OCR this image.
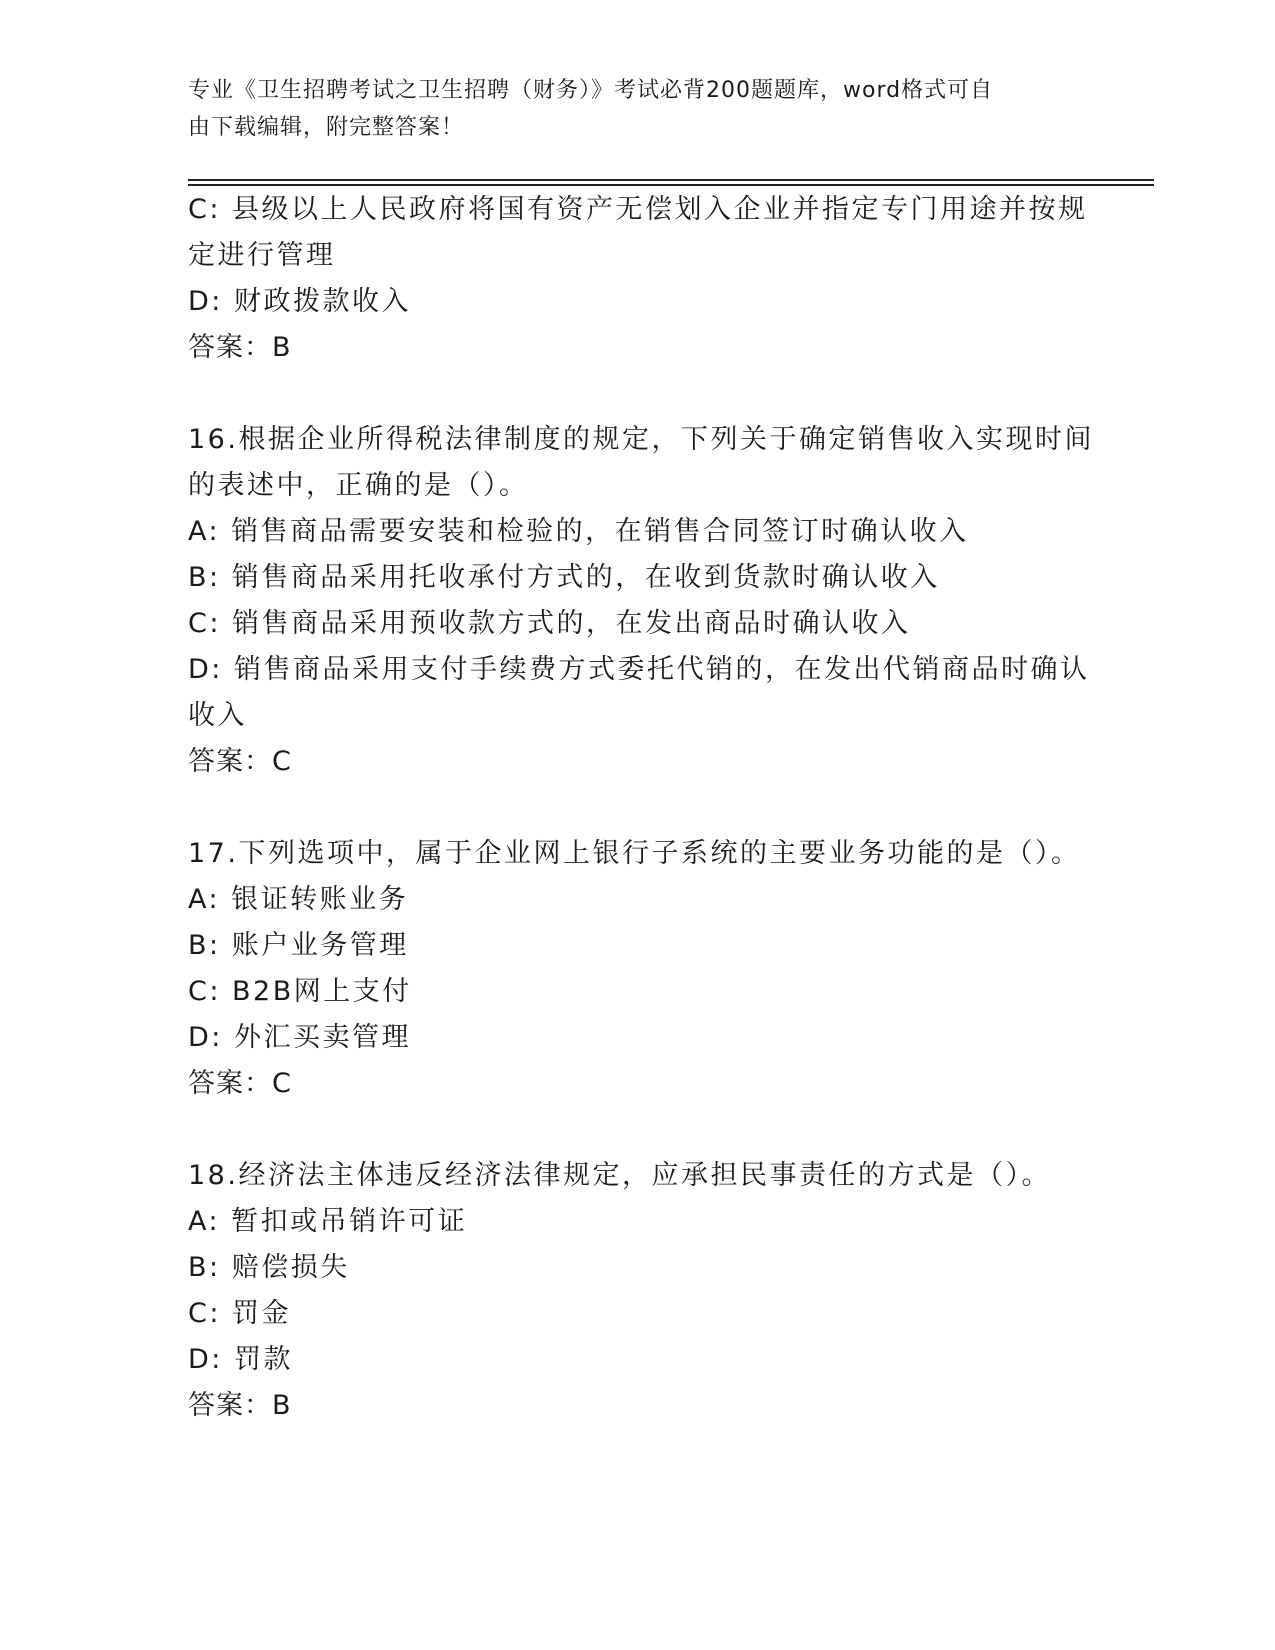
专业《卫生招聘考试之卫生招聘（财务）》考试必背200题题库，word格式可自
由下载编辑，附完整答案！
C: 县级以上人民政府将国有资产无偿划入企业并指定专门用途并按规
定进行管理
D: 财政拨款收入
答案：B
16.根据企业所得税法律制度的规定，下列关于确定销售收入实现时间
的表述中，正确的是（）。
A: 销售商品需要安装和检验的，在销售合同签订时确认收入
B: 销售商品采用托收承付方式的，在收到货款时确认收入
C: 销售商品采用预收款方式的，在发出商品时确认收入
D: 销售商品采用支付手续费方式委托代销的，在发出代销商品时确认
收入
答案：C
17.下列选项中，属于企业网上银行子系统的主要业务功能的是（）。
A: 银证转账业务
B: 账户业务管理
C: B2B网上支付
D: 外汇买卖管理
答案：C
18.经济法主体违反经济法律规定，应承担民事责任的方式是（）。
A: 暂扣或吊销许可证
B: 赔偿损失
C: 罚金
D: 罚款
答案：B
